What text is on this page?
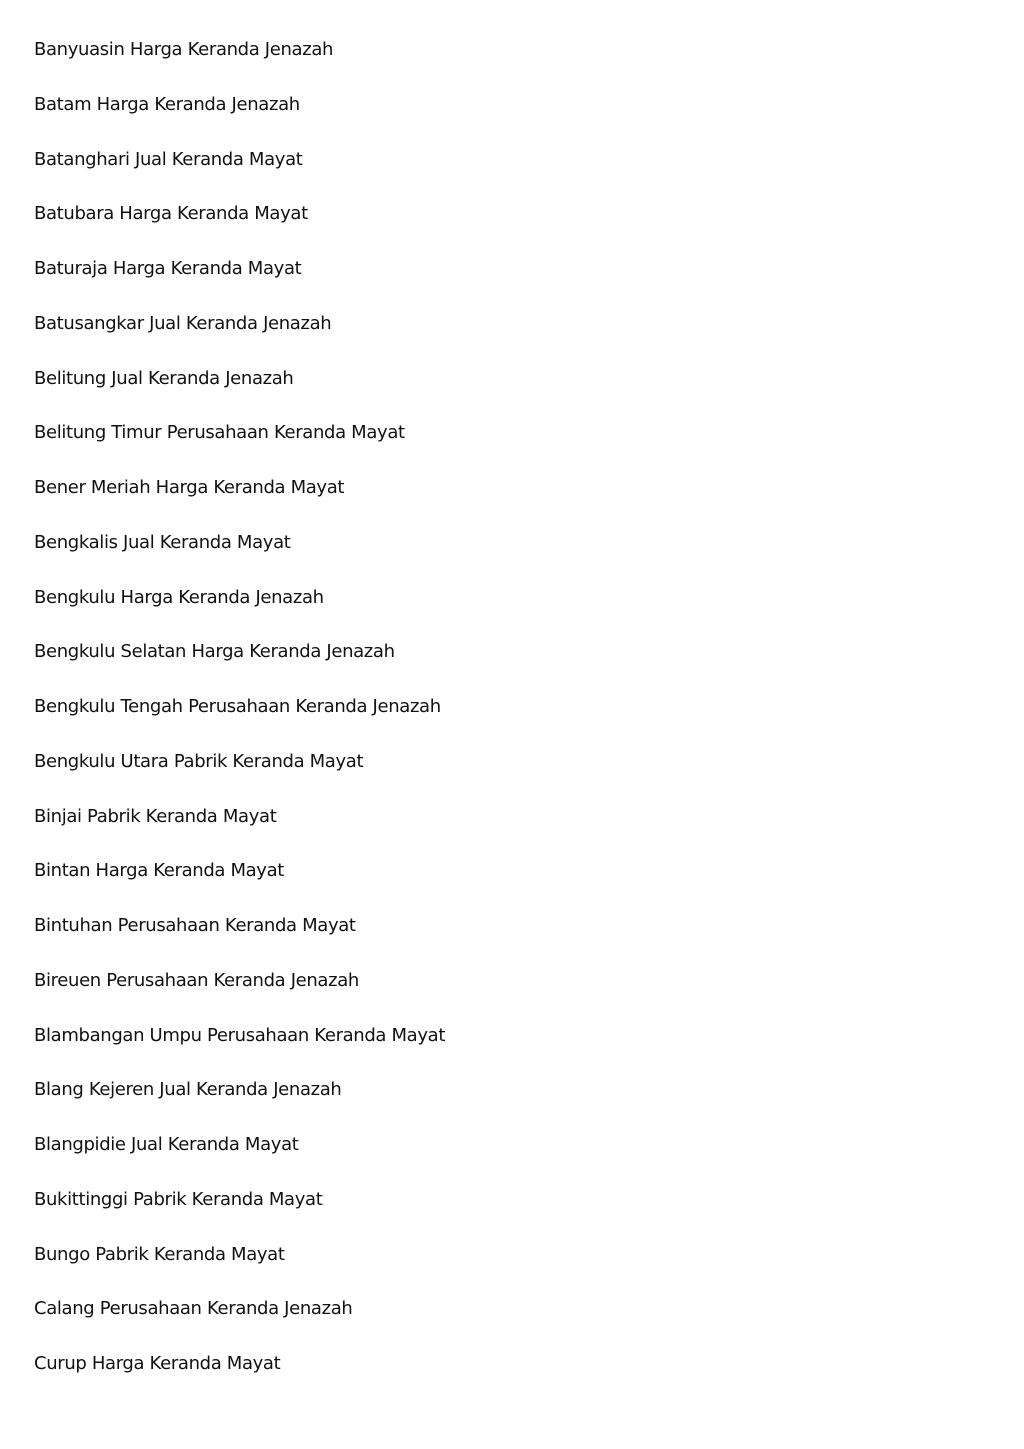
Banyuasin Harga Keranda Jenazah
Batam Harga Keranda Jenazah
Batanghari Jual Keranda Mayat
Batubara Harga Keranda Mayat
Baturaja Harga Keranda Mayat
Batusangkar Jual Keranda Jenazah
Belitung Jual Keranda Jenazah
Belitung Timur Perusahaan Keranda Mayat
Bener Meriah Harga Keranda Mayat
Bengkalis Jual Keranda Mayat
Bengkulu Harga Keranda Jenazah
Bengkulu Selatan Harga Keranda Jenazah
Bengkulu Tengah Perusahaan Keranda Jenazah
Bengkulu Utara Pabrik Keranda Mayat
Binjai Pabrik Keranda Mayat
Bintan Harga Keranda Mayat
Bintuhan Perusahaan Keranda Mayat
Bireuen Perusahaan Keranda Jenazah
Blambangan Umpu Perusahaan Keranda Mayat
Blang Kejeren Jual Keranda Jenazah
Blangpidie Jual Keranda Mayat
Bukittinggi Pabrik Keranda Mayat
Bungo Pabrik Keranda Mayat
Calang Perusahaan Keranda Jenazah
Curup Harga Keranda Mayat
